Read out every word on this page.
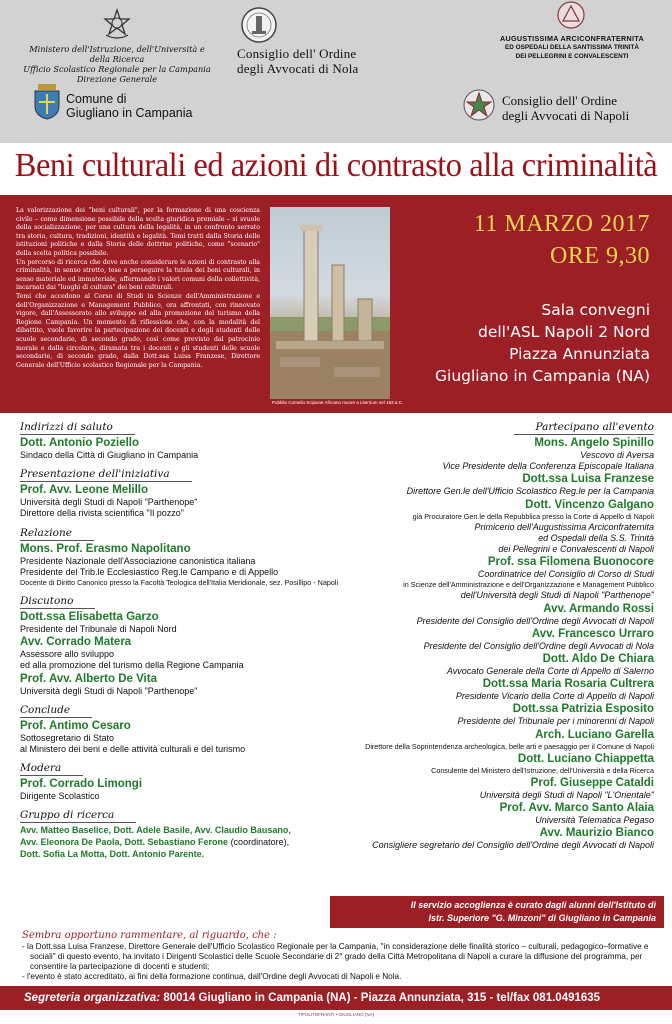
Ministero dell'Istruzione, dell'Università e della Ricerca
Ufficio Scolastico Regionale per la Campania
Direzione Generale
Consiglio dell' Ordine
degli Avvocati di Nola
AUGUSTISSIMA ARCICONFRATERNITA
ED OSPEDALI DELLA SANTISSIMA TRINITÀ
DEI PELLEGRINI E CONVALESCENTI
Comune di
Giugliano in Campania
Consiglio dell' Ordine
degli Avvocati di Napoli
Beni culturali ed azioni di contrasto alla criminalità

La valorizzazione dei "beni culturali", per la formazione di una coscienza civile – come dimensione possibile della scelta giuridica premiale – si svuole della socializzazione, per una cultura della legalità, in un confronto serrato tra storia, cultura, tradizioni, identità e legalità. Temi tratti dalla Storia delle istituzioni politiche e dalla Storia delle dottrine politiche, come "scenario" della scelta politica possibile.

Un percorso di ricerca che deve anche considerare le azioni di contrasto alla criminalità, in senso stretto, tese a perseguire la tutela dei beni culturali, in senso materiale ed immateriale, affermando i valori comuni della collettività, incarnati dai "luoghi di cultura" dei beni culturali.

Temi che accedono al Corso di Studi in Scienze dell'Amministrazione e dell'Organizzazione e Management Pubblico, ora affrontati, con rinnovato vigore, dall'Assessorato allo sviluppo ed alla promozione del turismo della Regione Campania. Un momento di riflessione che, con la modalità del dibattito, vuole favorire la partecipazione dei docenti e degli studenti delle scuole secondarie, di secondo grado, così come previsto dal patrocinio morale e dalla circolare, diramata tra i docenti e gli studenti delle scuole secondarie, di secondo grado, dalla Dott.ssa Luisa Franzese, Direttore Generale dell'Ufficio scolastico Regionale per la Campania.

Pubblio Cornelio Scipione Africano muore a Liternum nel 183 a.C.
11 MARZO 2017
ORE 9,30
Sala convegni
dell'ASL Napoli 2 Nord
Piazza Annunziata
Giugliano in Campania (NA)
Indirizzi di saluto
Dott. Antonio Poziello
Sindaco della Città di Giugliano in Campania
Presentazione dell'iniziativa
Prof. Avv. Leone Melillo
Università degli Studi di Napoli "Parthenope"
Direttore della rivista scientifica "Il pozzo"
Relazione
Mons. Prof. Erasmo Napolitano
Presidente Nazionale dell'Associazione canonistica italiana
Presidente del Trib.le Ecclesiastico Reg.le Campano e di Appello
Docente di Diritto Canonico presso la Facoltà Teologica dell'Italia Meridionale, sez. Posillipo - Napoli
Discutono
Dott.ssa Elisabetta Garzo
Presidente del Tribunale di Napoli Nord
Avv. Corrado Matera
Assessore allo sviluppo
ed alla promozione del turismo della Regione Campania
Prof. Avv. Alberto De Vita
Università degli Studi di Napoli "Parthenope"
Conclude
Prof. Antimo Cesaro
Sottosegretario di Stato
al Ministero dei beni e delle attività culturali e del turismo
Modera
Prof. Corrado Limongi
Dirigente Scolastico
Gruppo di ricerca
Avv. Matteo Baselice, Dott. Adele Basile, Avv. Claudio Bausano,
Avv. Eleonora De Paola, Dott. Sebastiano Ferone (coordinatore),
Dott. Sofia La Motta, Dott. Antonio Parente.
Partecipano all'evento
Mons. Angelo Spinillo
Vescovo di Aversa
Vice Presidente della Conferenza Episcopale Italiana
Dott.ssa Luisa Franzese
Direttore Gen.le dell'Ufficio Scolastico Reg.le per la Campania
Dott. Vincenzo Galgano
già Procuratore Gen.le della Repubblica presso la Corte di Appello di Napoli
Primicerio dell'Augustissima Arciconfraternita
ed Ospedali della S.S. Trinità
dei Pellegrini e Convalescenti di Napoli
Prof. ssa Filomena Buonocore
Coordinatrice del Consiglio di Corso di Studi
in Scienze dell'Amministrazione e dell'Organizzazione e Management Pubblico
dell'Università degli Studi di Napoli "Parthenope"
Avv. Armando Rossi
Presidente del Consiglio dell'Ordine degli Avvocati di Napoli
Avv. Francesco Urraro
Presidente del Consiglio dell'Ordine degli Avvocati di Nola
Dott. Aldo De Chiara
Avvocato Generale della Corte di Appello di Salerno
Dott.ssa Maria Rosaria Cultrera
Presidente Vicario della Corte di Appello di Napoli
Dott.ssa Patrizia Esposito
Presidente del Tribunale per i minorenni di Napoli
Arch. Luciano Garella
Direttore della Soprintendenza archeologica, belle arti e paesaggio per il Comune di Napoli
Dott. Luciano Chiappetta
Consulente del Ministero dell'Istruzione, dell'Università e della Ricerca
Prof. Giuseppe Cataldi
Università degli Studi di Napoli "L'Orientale"
Prof. Avv. Marco Santo Alaia
Università Telematica Pegaso
Avv. Maurizio Bianco
Consigliere segretario del Consiglio dell'Ordine degli Avvocati di Napoli
Il servizio accoglienza è curato dagli alunni dell'Istituto di
Istr. Superiore "G. Minzoni" di Giugliano in Campania
Sembra opportuno rammentare, al riguardo, che :
- la Dott.ssa Luisa Franzese, Direttore Generale dell'Ufficio Scolastico Regionale per la Campania, "in considerazione delle finalità storico – culturali, pedagogico–formative e sociali" di questo evento, ha invitato i Dirigenti Scolastici delle Scuole Secondarie di 2° grado della Città Metropolitana di Napoli a curare la diffusione del programma, per consentire la partecipazione di docenti e studenti;
- l'evento è stato accreditato, ai fini della formazione continua, dall'Ordine degli Avvocati di Napoli e Nola.
Segreteria organizzativa: 80014 Giugliano in Campania (NA) - Piazza Annunziata, 315 - tel/fax 081.0491635
TIPOLITOFRANTI • GIUGLIANO (NA)
